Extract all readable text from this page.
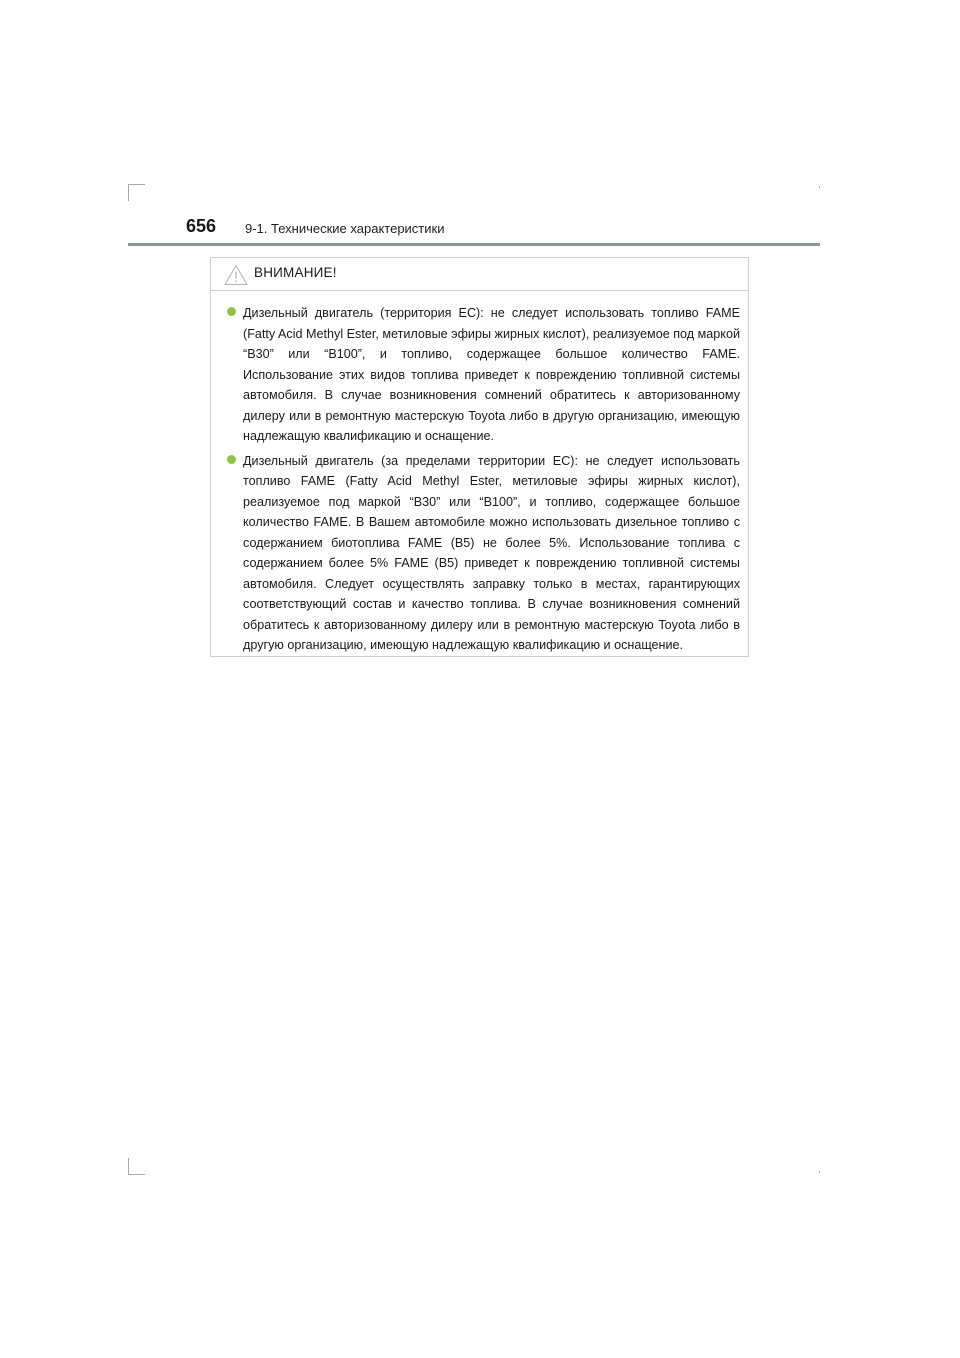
656 9-1. Технические характеристики
ВНИМАНИЕ!

Дизельный двигатель (территория ЕС): не следует использовать топливо FAME (Fatty Acid Methyl Ester, метиловые эфиры жирных кислот), реализуемое под маркой “B30” или “B100”, и топливо, содержащее большое количество FAME. Использование этих видов топлива приведет к повреждению топливной системы автомобиля. В случае возникновения сомнений обратитесь к авторизованному дилеру или в ремонтную мастерскую Toyota либо в другую организацию, имеющую надлежащую квалификацию и оснащение.

Дизельный двигатель (за пределами территории ЕС): не следует использовать топливо FAME (Fatty Acid Methyl Ester, метиловые эфиры жирных кислот), реализуемое под маркой “B30” или “B100”, и топливо, содержащее большое количество FAME. В Вашем автомобиле можно использовать дизельное топливо с содержанием биотоплива FAME (B5) не более 5%. Использование топлива с содержанием более 5% FAME (B5) приведет к повреждению топливной системы автомобиля. Следует осуществлять заправку только в местах, гарантирующих соответствующий состав и качество топлива. В случае возникновения сомнений обратитесь к авторизованному дилеру или в ремонтную мастерскую Toyota либо в другую организацию, имеющую надлежащую квалификацию и оснащение.
